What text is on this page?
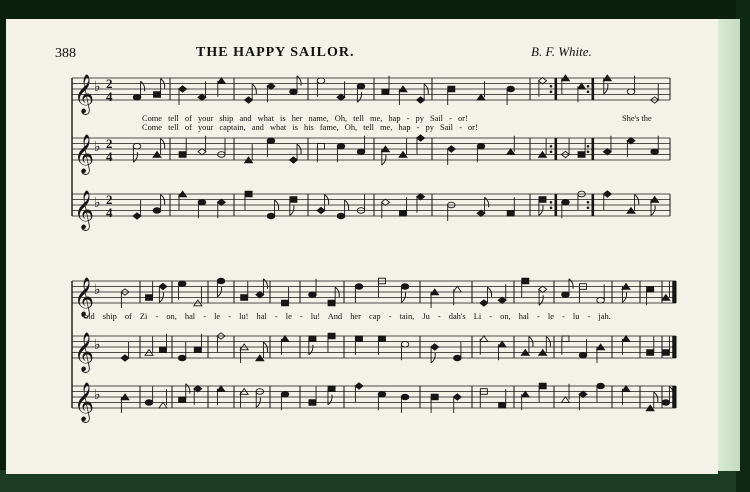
388	THE HAPPY SAILOR.	B. F. White.
𝄞 ♭ 2
4
𝄞 ♭ 2
4
𝄞 ♭ 2
4
𝄞 ♭
𝄞 ♭
𝄞 ♭
Come tell of your ship and what is her name, Oh, tell me, hap - py Sail - or!
Come tell of your captain, and what is his fame, Oh, tell me, hap - py Sail - or!
She's the
old ship of Zi - on, hal - le - lu! hal - le - lu! And her cap - tain, Ju - dah's Li - on, hal - le - lu - jah.
